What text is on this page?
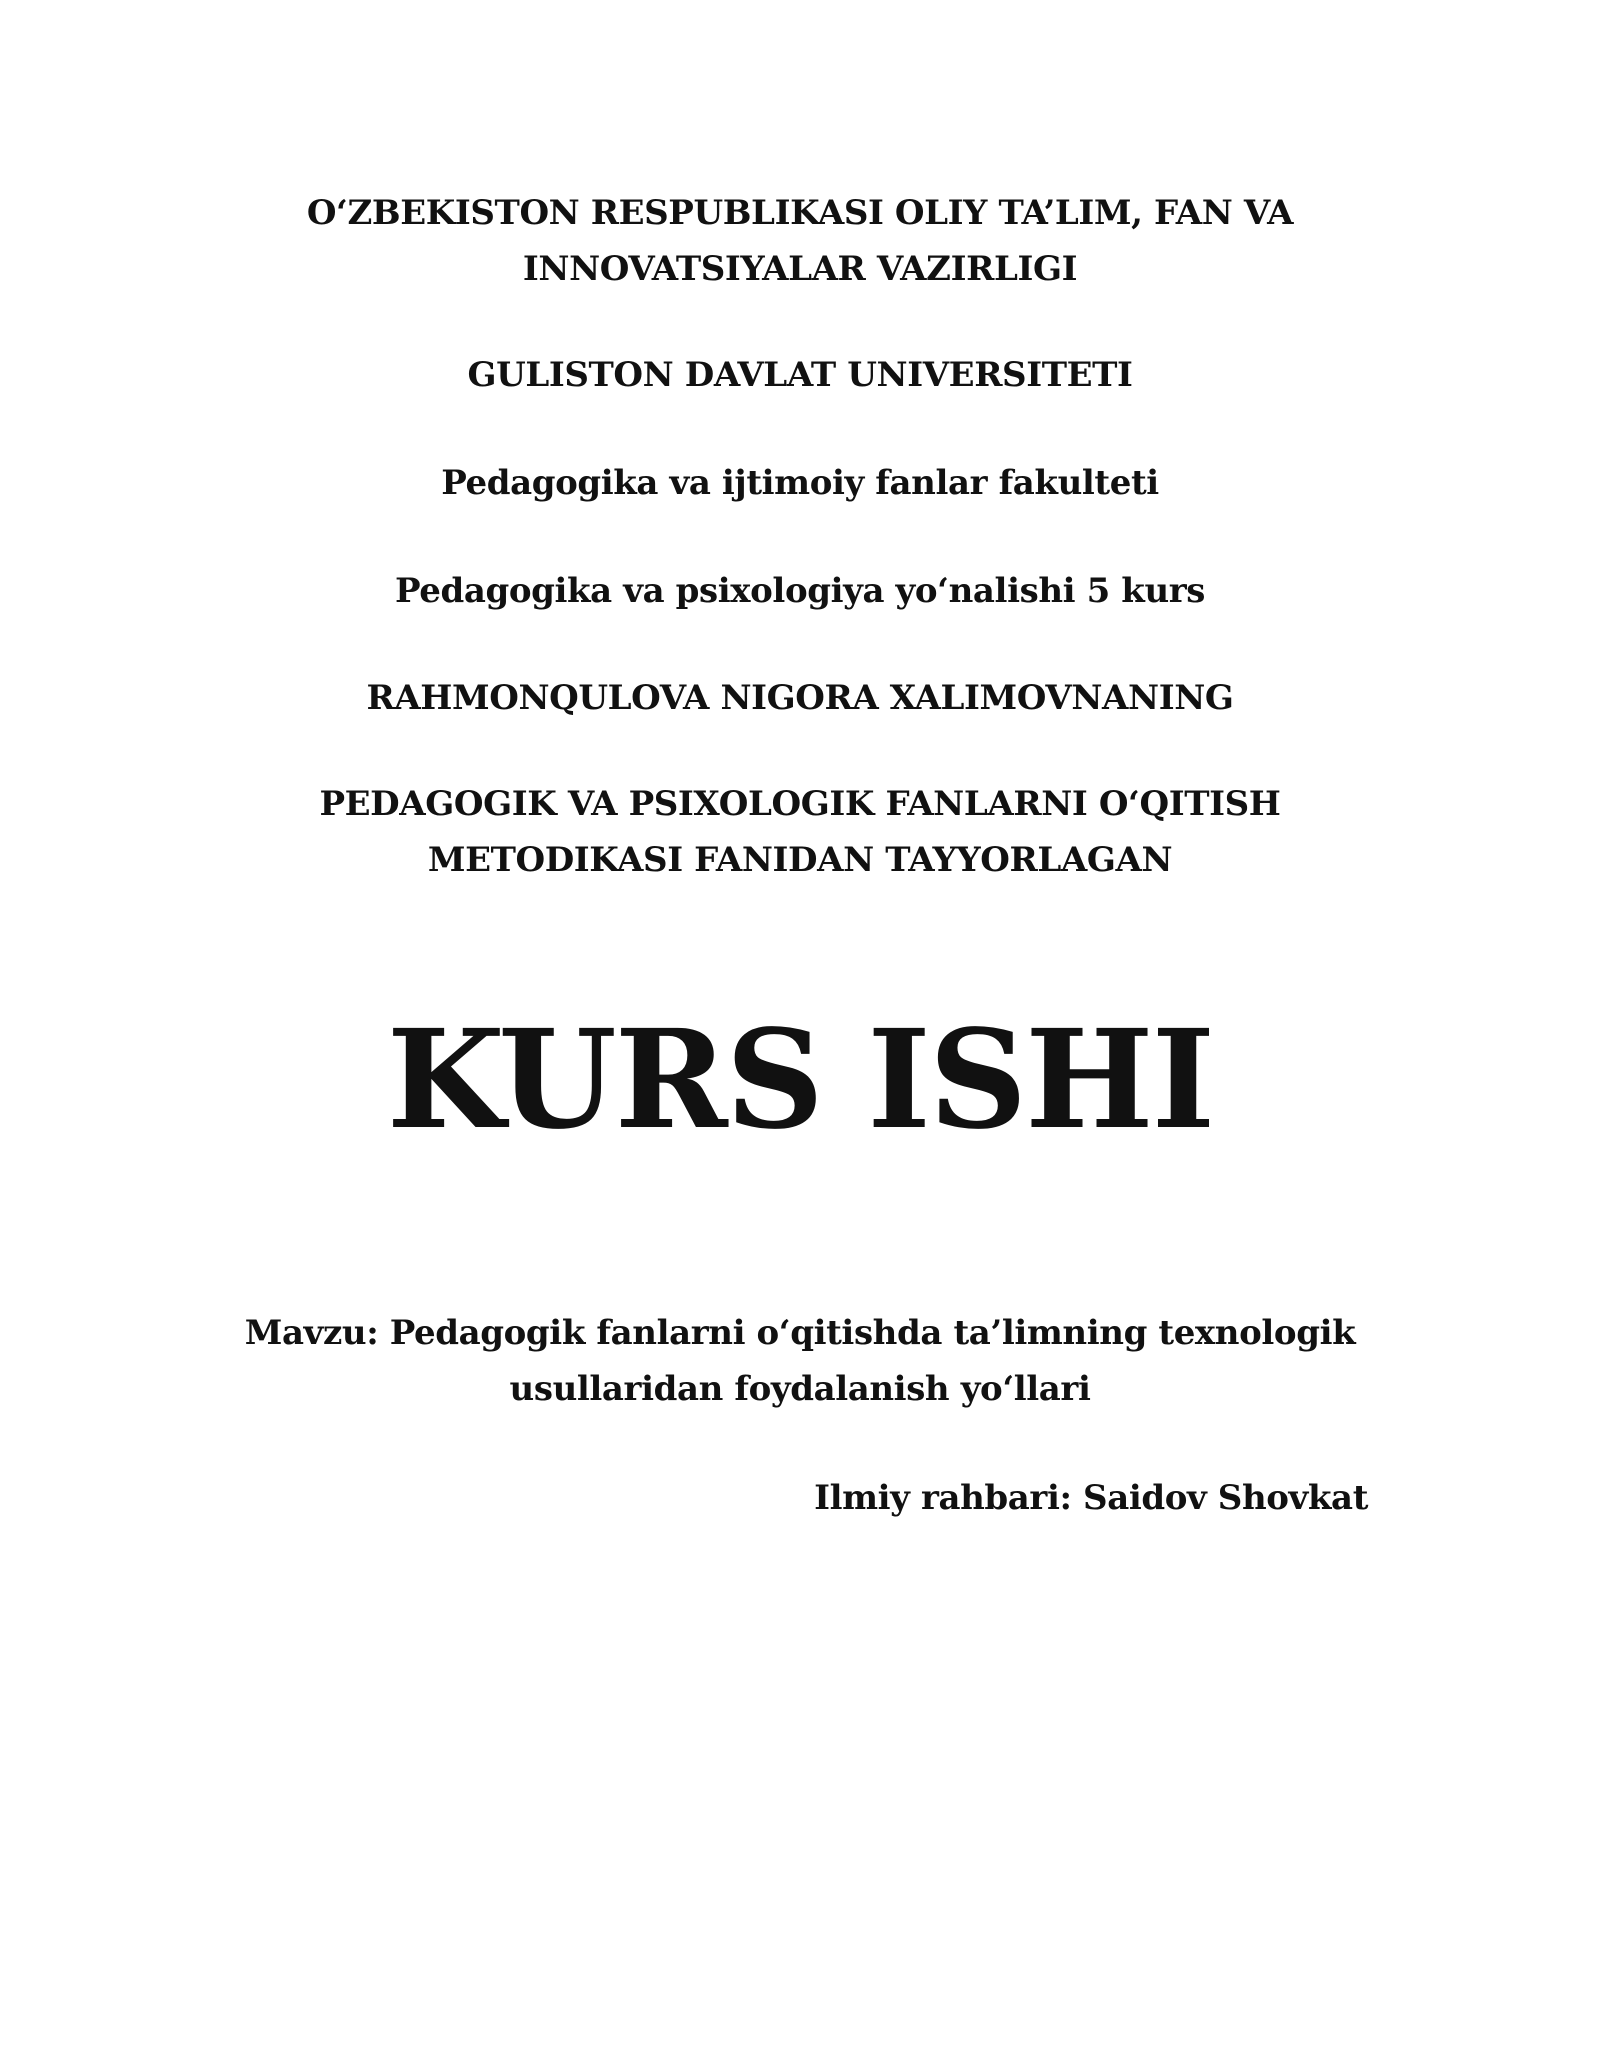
O‘ZBEKISTON RESPUBLIKASI OLIY TA’LIM, FAN VA
INNOVATSIYALAR VAZIRLIGI
GULISTON DAVLAT UNIVERSITETI
Pedagogika va ijtimoiy fanlar fakulteti
Pedagogika va psixologiya yo‘nalishi 5 kurs
RAHMONQULOVA NIGORA XALIMOVNANING
PEDAGOGIK VA PSIXOLOGIK FANLARNI O‘QITISH
METODIKASI FANIDAN TAYYORLAGAN
KURS ISHI
Mavzu: Pedagogik fanlarni o‘qitishda ta’limning texnologik
usullaridan foydalanish yo‘llari
Ilmiy rahbari: Saidov Shovkat
